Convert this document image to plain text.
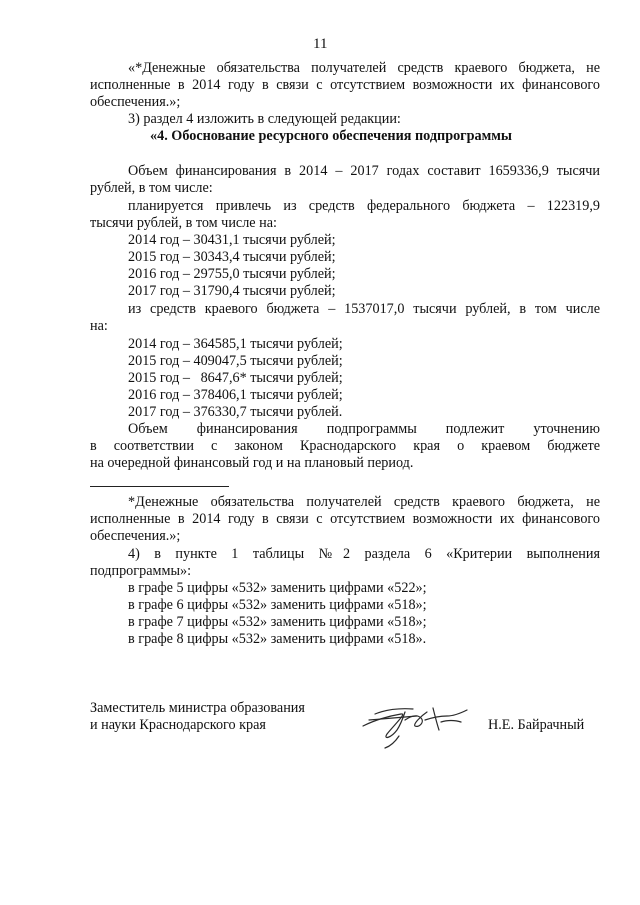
11
«*Денежные обязательства получателей средств краевого бюджета, не
исполненные в 2014 году в связи с отсутствием возможности их финансового
обеспечения.»;
3) раздел 4 изложить в следующей редакции:
«4. Обоснование ресурсного обеспечения подпрограммы
Объем финансирования в 2014 – 2017 годах составит 1659336,9 тысячи
рублей, в том числе:
планируется привлечь из средств федерального бюджета – 122319,9
тысячи рублей, в том числе на:
2014 год – 30431,1 тысячи рублей;
2015 год – 30343,4 тысячи рублей;
2016 год – 29755,0 тысячи рублей;
2017 год – 31790,4 тысячи рублей;
из средств краевого бюджета – 1537017,0 тысячи рублей, в том числе
на:
2014 год – 364585,1 тысячи рублей;
2015 год – 409047,5 тысячи рублей;
2015 год –   8647,6* тысячи рублей;
2016 год – 378406,1 тысячи рублей;
2017 год – 376330,7 тысячи рублей.
Объем финансирования подпрограммы подлежит уточнению
в соответствии с законом Краснодарского края о краевом бюджете
на очередной финансовый год и на плановый период.
*Денежные обязательства получателей средств краевого бюджета, не
исполненные в 2014 году в связи с отсутствием возможности их финансового
обеспечения.»;
4) в пункте 1 таблицы №2 раздела 6 «Критерии выполнения
подпрограммы»:
в графе 5 цифры «532» заменить цифрами «522»;
в графе 6 цифры «532» заменить цифрами «518»;
в графе 7 цифры «532» заменить цифрами «518»;
в графе 8 цифры «532» заменить цифрами «518».
Заместитель министра образования
и науки Краснодарского края	Н.Е. Байрачный
